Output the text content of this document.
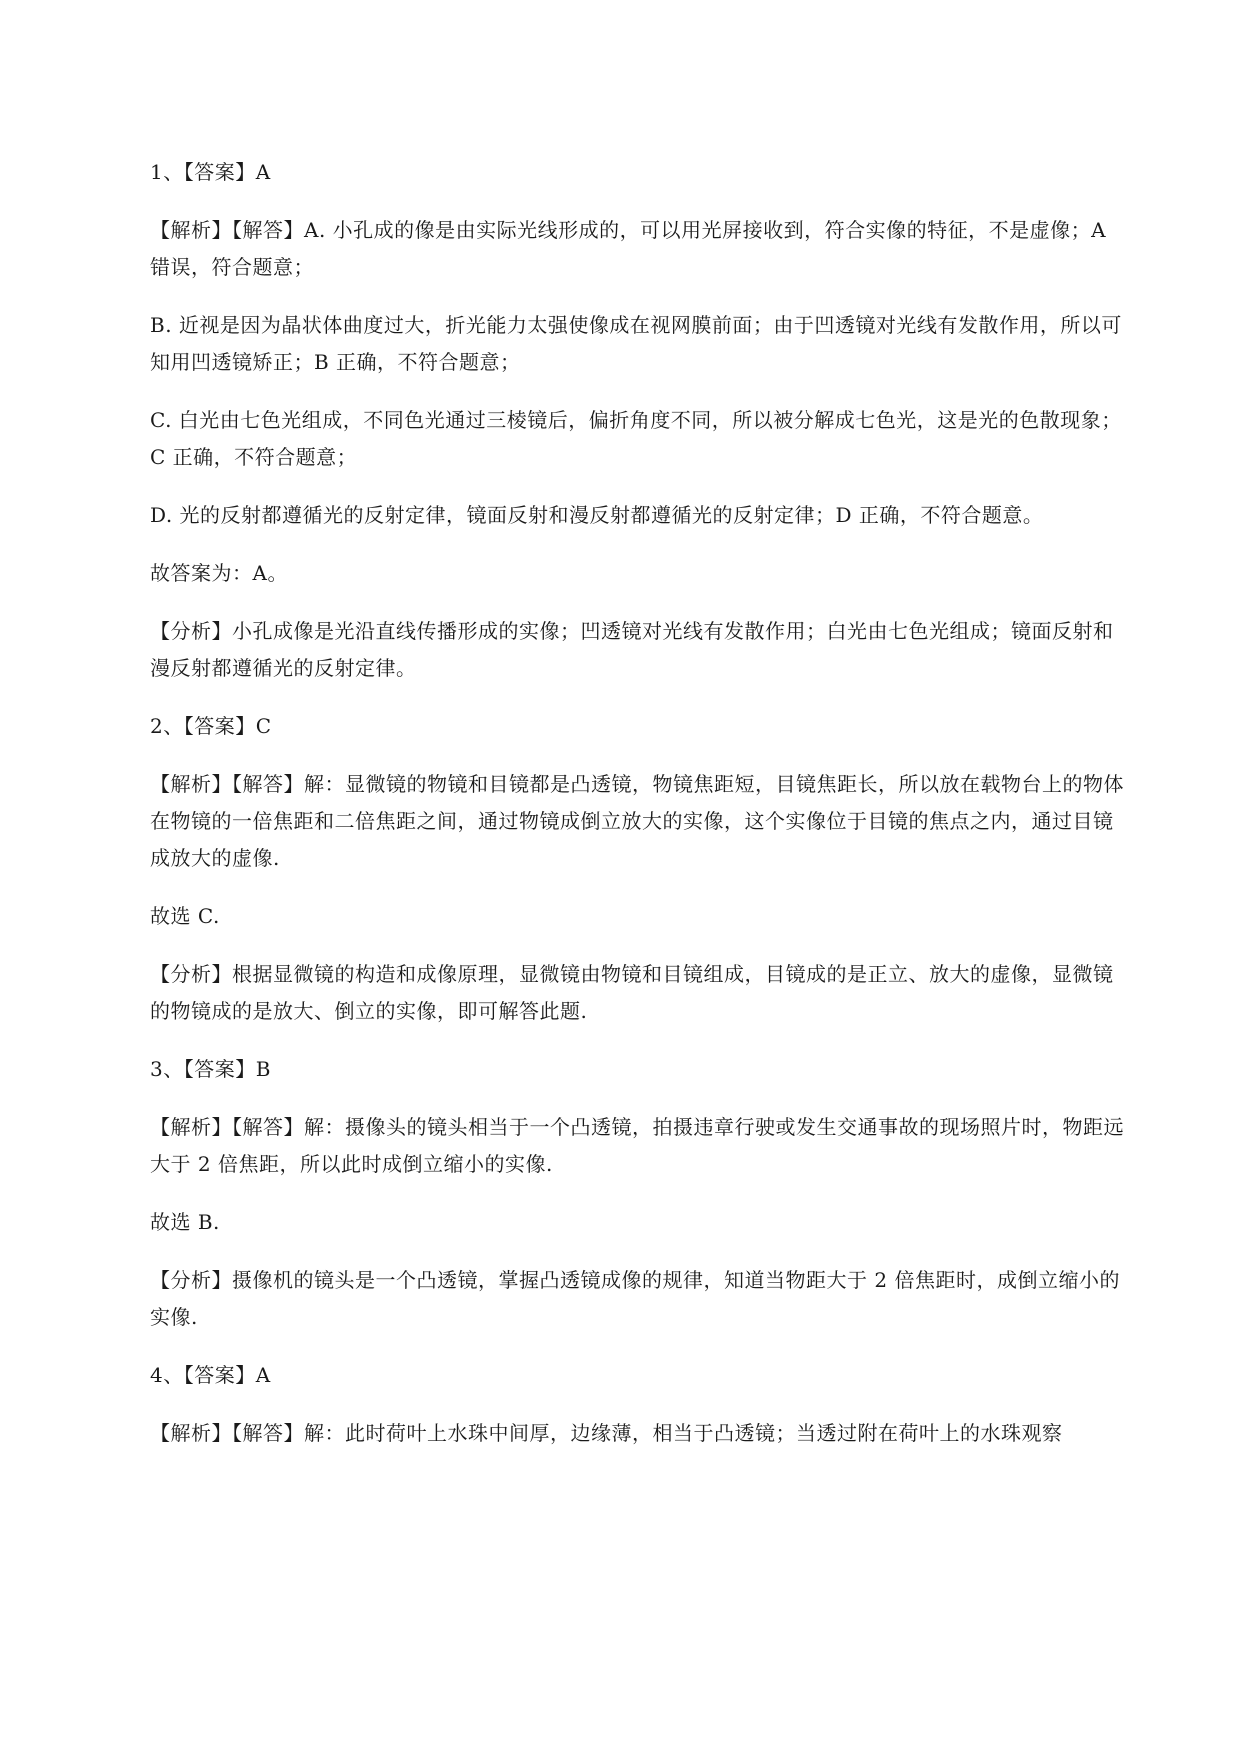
1、【答案】A

【解析】【解答】A. 小孔成的像是由实际光线形成的，可以用光屏接收到，符合实像的特征，不是虚像；A 错误，符合题意；

B. 近视是因为晶状体曲度过大，折光能力太强使像成在视网膜前面；由于凹透镜对光线有发散作用，所以可知用凹透镜矫正；B 正确，不符合题意；

C. 白光由七色光组成，不同色光通过三棱镜后，偏折角度不同，所以被分解成七色光，这是光的色散现象；C 正确，不符合题意；

D. 光的反射都遵循光的反射定律，镜面反射和漫反射都遵循光的反射定律；D 正确，不符合题意。

故答案为：A。

【分析】小孔成像是光沿直线传播形成的实像；凹透镜对光线有发散作用；白光由七色光组成；镜面反射和漫反射都遵循光的反射定律。

2、【答案】C

【解析】【解答】解：显微镜的物镜和目镜都是凸透镜，物镜焦距短，目镜焦距长，所以放在载物台上的物体在物镜的一倍焦距和二倍焦距之间，通过物镜成倒立放大的实像，这个实像位于目镜的焦点之内，通过目镜成放大的虚像.

故选 C.

【分析】根据显微镜的构造和成像原理，显微镜由物镜和目镜组成，目镜成的是正立、放大的虚像，显微镜的物镜成的是放大、倒立的实像，即可解答此题.

3、【答案】B

【解析】【解答】解：摄像头的镜头相当于一个凸透镜，拍摄违章行驶或发生交通事故的现场照片时，物距远大于 2 倍焦距，所以此时成倒立缩小的实像.

故选 B.

【分析】摄像机的镜头是一个凸透镜，掌握凸透镜成像的规律，知道当物距大于 2 倍焦距时，成倒立缩小的实像.

4、【答案】A

【解析】【解答】解：此时荷叶上水珠中间厚，边缘薄，相当于凸透镜；当透过附在荷叶上的水珠观察
